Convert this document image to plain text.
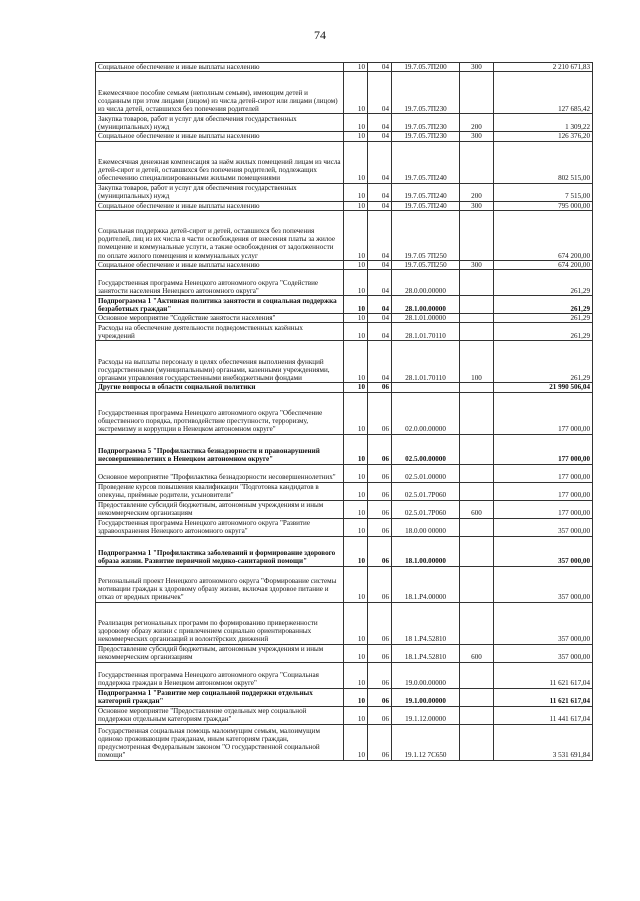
74
Социальное обеспечение и иные выплаты населению	10	04	19.7.05.7П200	300	2 210 671,83
Ежемесячное пособие семьям (неполным семьям), имеющим детей и созданным при этом лицами (лицом) из числа детей-сирот или лицами (лицом) из числа детей, оставшихся без попечения родителей	10	04	19.7.05.7П230		127 685,42
Закупка товаров, работ и услуг для обеспечения государственных (муниципальных) нужд	10	04	19.7.05.7П230	200	1 309,22
Социальное обеспечение и иные выплаты населению	10	04	19.7.05.7П230	300	126 376,20
Ежемесячная денежная компенсация за наём жилых помещений лицам из числа детей-сирот и детей, оставшихся без попечения родителей, подлежащих обеспечению специализированными жилыми помещениями	10	04	19.7.05.7П240		802 515,00
Закупка товаров, работ и услуг для обеспечения государственных (муниципальных) нужд	10	04	19.7.05.7П240	200	7 515,00
Социальное обеспечение и иные выплаты населению	10	04	19.7.05.7П240	300	795 000,00
Социальная поддержка детей-сирот и детей, оставшихся без попечения родителей, лиц из их числа в части освобождения от внесения платы за жилое помещение и коммунальные услуги, а также освобождения от задолженности по оплате жилого помещения и коммунальных услуг	10	04	19.7.05 7П250		674 200,00
Социальное обеспечение и иные выплаты населению	10	04	19.7.05.7П250	300	674 200,00
Государственная программа Ненецкого автономного округа "Содействие занятости населения Ненецкого автономного округа"	10	04	28.0.00.00000		261,29
Подпрограмма 1 "Активная политика занятости и социальная поддержка безработных граждан"	10	04	28.1.00.00000		261,29
Основное мероприятие "Содействие занятости населения"	10	04	28.1.01.00000		261,29
Расходы на обеспечение деятельности подведомственных казённых учреждений	10	04	28.1.01.70110		261,29
Расходы на выплаты персоналу в целях обеспечения выполнения функций государственными (муниципальными) органами, казенными учреждениями, органами управления государственными внебюджетными фондами	10	04	28.1.01.70110	100	261,29
Другие вопросы в области социальной политики	10	06			21 990 506,04
Государственная программа Ненецкого автономного округа "Обеспечение общественного порядка, противодействие преступности, терроризму, экстремизму и коррупции в Ненецком автономном округе"	10	06	02.0.00.00000		177 000,00
Подпрограмма 5 "Профилактика безнадзорности и правонарушений несовершеннолетних в Ненецком автономном округе"	10	06	02.5.00.00000		177 000,00
Основное мероприятие "Профилактика безнадзорности несовершеннолетних"	10	06	02.5.01.00000		177 000,00
Проведение курсов повышения квалификации "Подготовка кандидатов в опекуны, приёмные родители, усыновители"	10	06	02.5.01.7Р060		177 000,00
Предоставление субсидий бюджетным, автономным учреждениям и иным некоммерческим организациям	10	06	02.5.01.7Р060	600	177 000,00
Государственная программа Ненецкого автономного округа "Развитие здравоохранения Ненецкого автономного округа"	10	06	18.0.00 00000		357 000,00
Подпрограмма 1 "Профилактика заболеваний и формирование здорового образа жизни. Развитие первичной медико-санитарной помощи"	10	06	18.1.00.00000		357 000,00
Региональный проект Ненецкого автономного округа "Формирование системы мотивации граждан к здоровому образу жизни, включая здоровое питание и отказ от вредных привычек"	10	06	18.1.Р4.00000		357 000,00
Реализация региональных программ по формированию приверженности здоровому образу жизни с привлечением социально ориентированных некоммерческих организаций и волонтёрских движений	10	06	18 1.Р4.52810		357 000,00
Предоставление субсидий бюджетным, автономным учреждениям и иным некоммерческим организациям	10	06	18.1.Р4.52810	600	357 000,00
Государственная программа Ненецкого автономного округа "Социальная поддержка граждан в Ненецком автономном округе"	10	06	19.0.00.00000		11 621 617,04
Подпрограмма 1 "Развитие мер социальной поддержки отдельных категорий граждан"	10	06	19.1.00.00000		11 621 617,04
Основное мероприятие "Предоставление отдельных мер социальной поддержки отдельным категориям граждан"	10	06	19.1.12.00000		11 441 617,04
Государственная социальная помощь малоимущим семьям, малоимущим одиноко проживающим гражданам, иным категориям граждан, предусмотренная Федеральным законом "О государственной социальной помощи"	10	06	19.1.12 7С650		3 531 691,84
